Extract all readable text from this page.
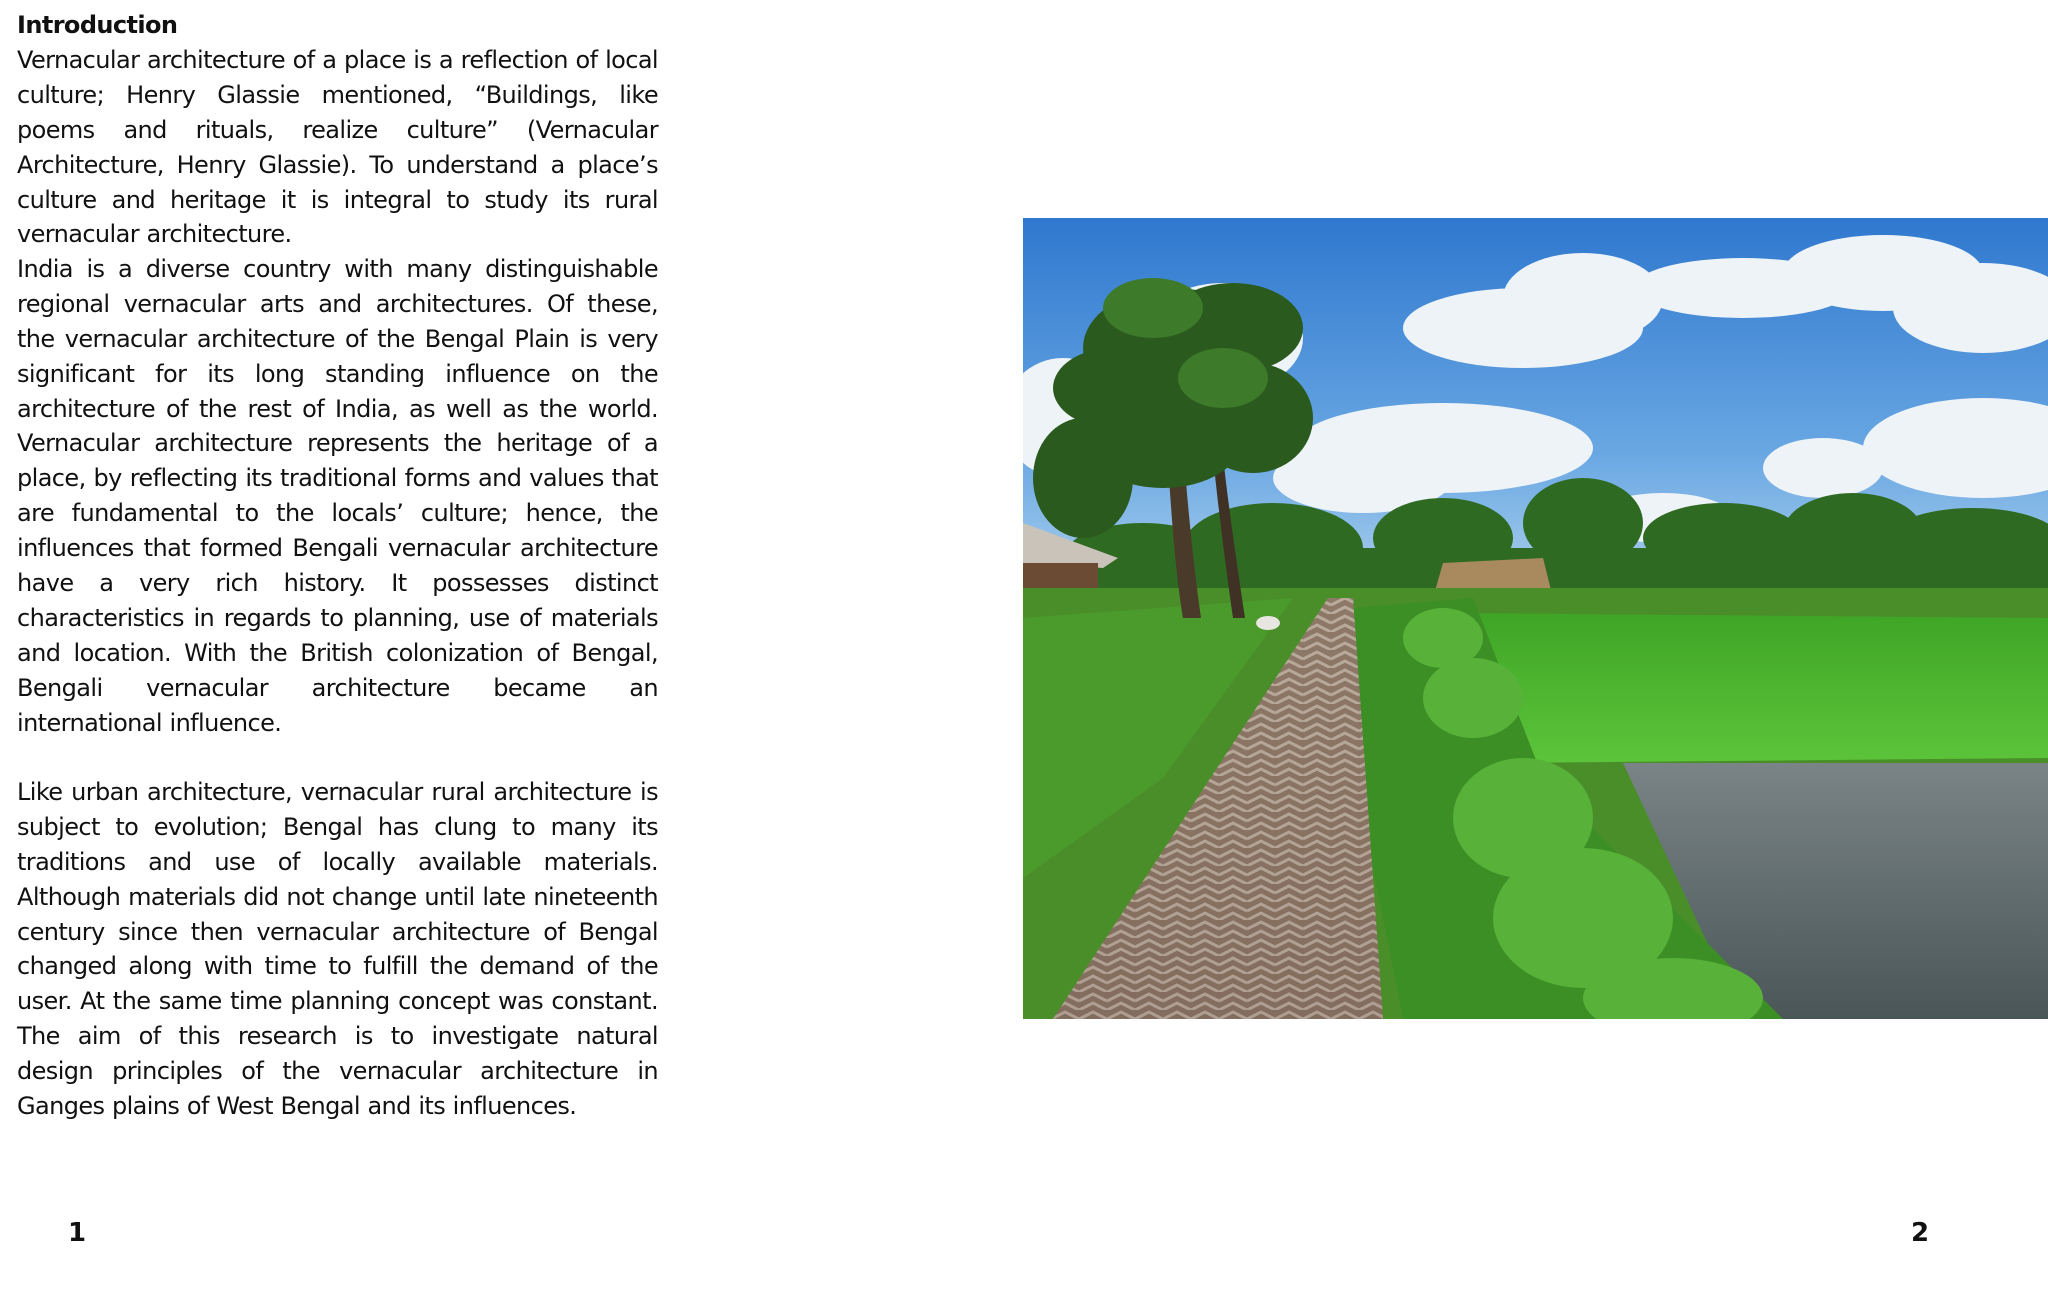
Introduction

Vernacular architecture of a place is a reflection of local culture; Henry Glassie mentioned, “Buildings, like poems and rituals, realize culture” (Vernacular Architecture, Henry Glassie). To understand a place’s culture and heritage it is integral to study its rural vernacular architecture.

India is a diverse country with many distinguishable regional vernacular arts and architectures. Of these, the vernacular architecture of the Bengal Plain is very significant for its long standing influence on the architecture of the rest of India, as well as the world. Vernacular architecture represents the heritage of a place, by reflecting its traditional forms and values that are fundamental to the locals’ culture; hence, the influences that formed Bengali vernacular architecture have a very rich history. It possesses distinct characteristics in regards to planning, use of materials and location. With the British colonization of Bengal, Bengali vernacular architecture became an international influence.

Like urban architecture, vernacular rural architecture is subject to evolution; Bengal has clung to many its traditions and use of locally available materials. Although materials did not change until late nineteenth century since then vernacular architecture of Bengal changed along with time to fulfill the demand of the user. At the same time planning concept was constant. The aim of this research is to investigate natural design principles of the vernacular architecture in Ganges plains of West Bengal and its influences.

1	2
